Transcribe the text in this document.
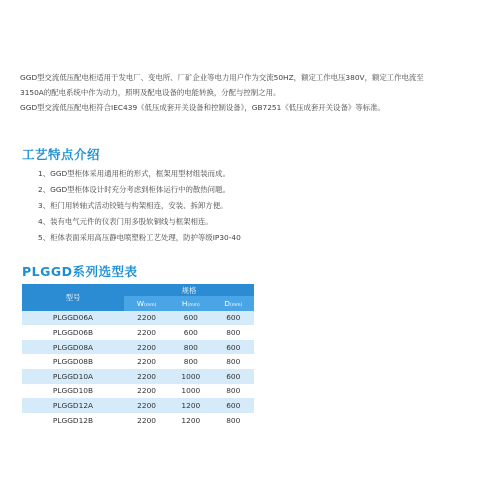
GGD型交流低压配电柜适用于发电厂、变电所、厂矿企业等电力用户作为交流50HZ，额定工作电压380V，额定工作电流至

3150A的配电系统中作为动力，照明及配电设备的电能转换，分配与控制之用。

GGD型交流低压配电柜符合IEC439《低压成套开关设备和控制设备》，GB7251《低压成套开关设备》等标准。

工艺特点介绍
1、GGD型柜体采用通用柜的形式，框架用型材组装而成。
2、GGD型柜体设计时充分考虑到柜体运行中的散热问题。
3、柜门用转轴式活动铰链与构架相连，安装、拆卸方便。
4、装有电气元件的仪表门用多股软铜线与框架相连。
5、柜体表面采用高压静电喷塑粉工艺处理，防护等级IP30-40
PLGGD系列选型表
型号	规格		
	W(mm)	H(mm)	D(mm)
PLGGD06A	2200	600	600
PLGGD06B	2200	600	800
PLGGD08A	2200	800	600
PLGGD08B	2200	800	800
PLGGD10A	2200	1000	600
PLGGD10B	2200	1000	800
PLGGD12A	2200	1200	600
PLGGD12B	2200	1200	800
